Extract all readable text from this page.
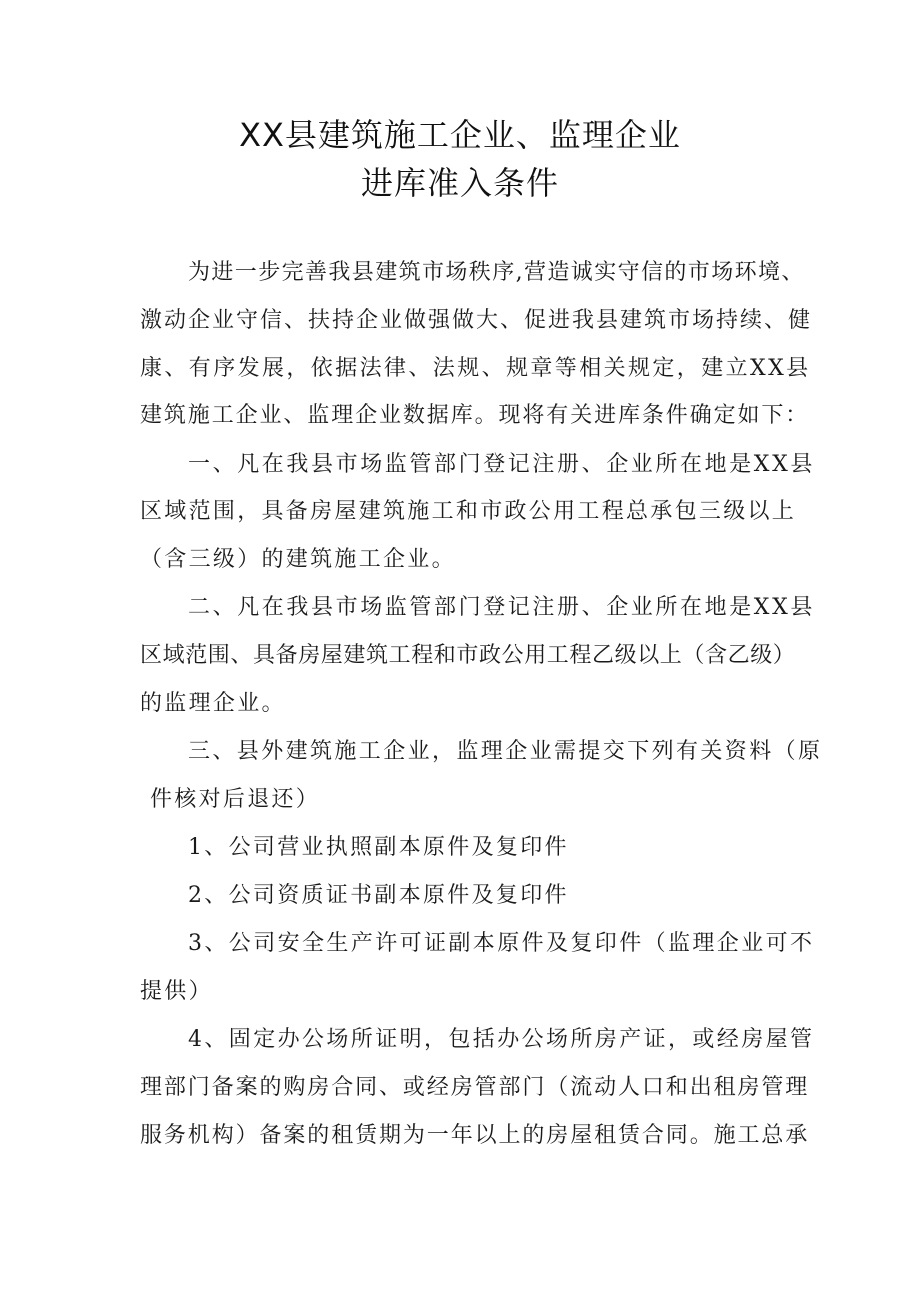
XX县建筑施工企业、监理企业
进库准入条件
为进一步完善我县建筑市场秩序,营造诚实守信的市场环境、
激动企业守信、扶持企业做强做大、促进我县建筑市场持续、健
康、有序发展，依据法律、法规、规章等相关规定，建立XX县
建筑施工企业、监理企业数据库。现将有关进库条件确定如下：
一、凡在我县市场监管部门登记注册、企业所在地是XX县
区域范围，具备房屋建筑施工和市政公用工程总承包三级以上
（含三级）的建筑施工企业。
二、凡在我县市场监管部门登记注册、企业所在地是XX县
区域范围、具备房屋建筑工程和市政公用工程乙级以上（含乙级）
的监理企业。
三、县外建筑施工企业，监理企业需提交下列有关资料（原
件核对后退还）
1、公司营业执照副本原件及复印件
2、公司资质证书副本原件及复印件
3、公司安全生产许可证副本原件及复印件（监理企业可不
提供）
4、固定办公场所证明，包括办公场所房产证，或经房屋管
理部门备案的购房合同、或经房管部门（流动人口和出租房管理
服务机构）备案的租赁期为一年以上的房屋租赁合同。施工总承
